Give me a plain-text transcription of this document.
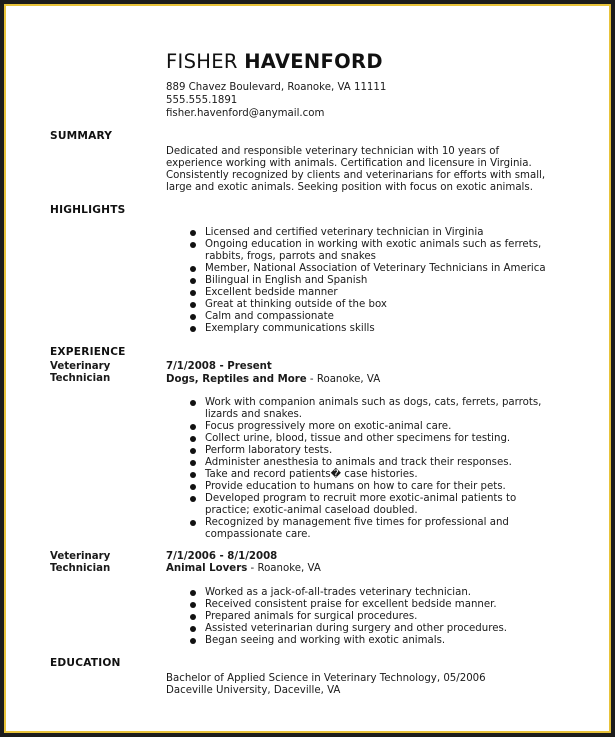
FISHER HAVENFORD
889 Chavez Boulevard, Roanoke, VA 11111
555.555.1891
fisher.havenford@anymail.com
SUMMARY
Dedicated and responsible veterinary technician with 10 years of
experience working with animals. Certification and licensure in Virginia.
Consistently recognized by clients and veterinarians for efforts with small,
large and exotic animals. Seeking position with focus on exotic animals.
HIGHLIGHTS
Licensed and certified veterinary technician in Virginia
Ongoing education in working with exotic animals such as ferrets,
rabbits, frogs, parrots and snakes
Member, National Association of Veterinary Technicians in America
Bilingual in English and Spanish
Excellent bedside manner
Great at thinking outside of the box
Calm and compassionate
Exemplary communications skills
EXPERIENCE
Veterinary
Technician
7/1/2008 - Present
Dogs, Reptiles and More - Roanoke, VA
Work with companion animals such as dogs, cats, ferrets, parrots,
lizards and snakes.
Focus progressively more on exotic-animal care.
Collect urine, blood, tissue and other specimens for testing.
Perform laboratory tests.
Administer anesthesia to animals and track their responses.
Take and record patients� case histories.
Provide education to humans on how to care for their pets.
Developed program to recruit more exotic-animal patients to
practice; exotic-animal caseload doubled.
Recognized by management five times for professional and
compassionate care.
Veterinary
Technician
7/1/2006 - 8/1/2008
Animal Lovers - Roanoke, VA
Worked as a jack-of-all-trades veterinary technician.
Received consistent praise for excellent bedside manner.
Prepared animals for surgical procedures.
Assisted veterinarian during surgery and other procedures.
Began seeing and working with exotic animals.
EDUCATION
Bachelor of Applied Science in Veterinary Technology, 05/2006
Daceville University, Daceville, VA
